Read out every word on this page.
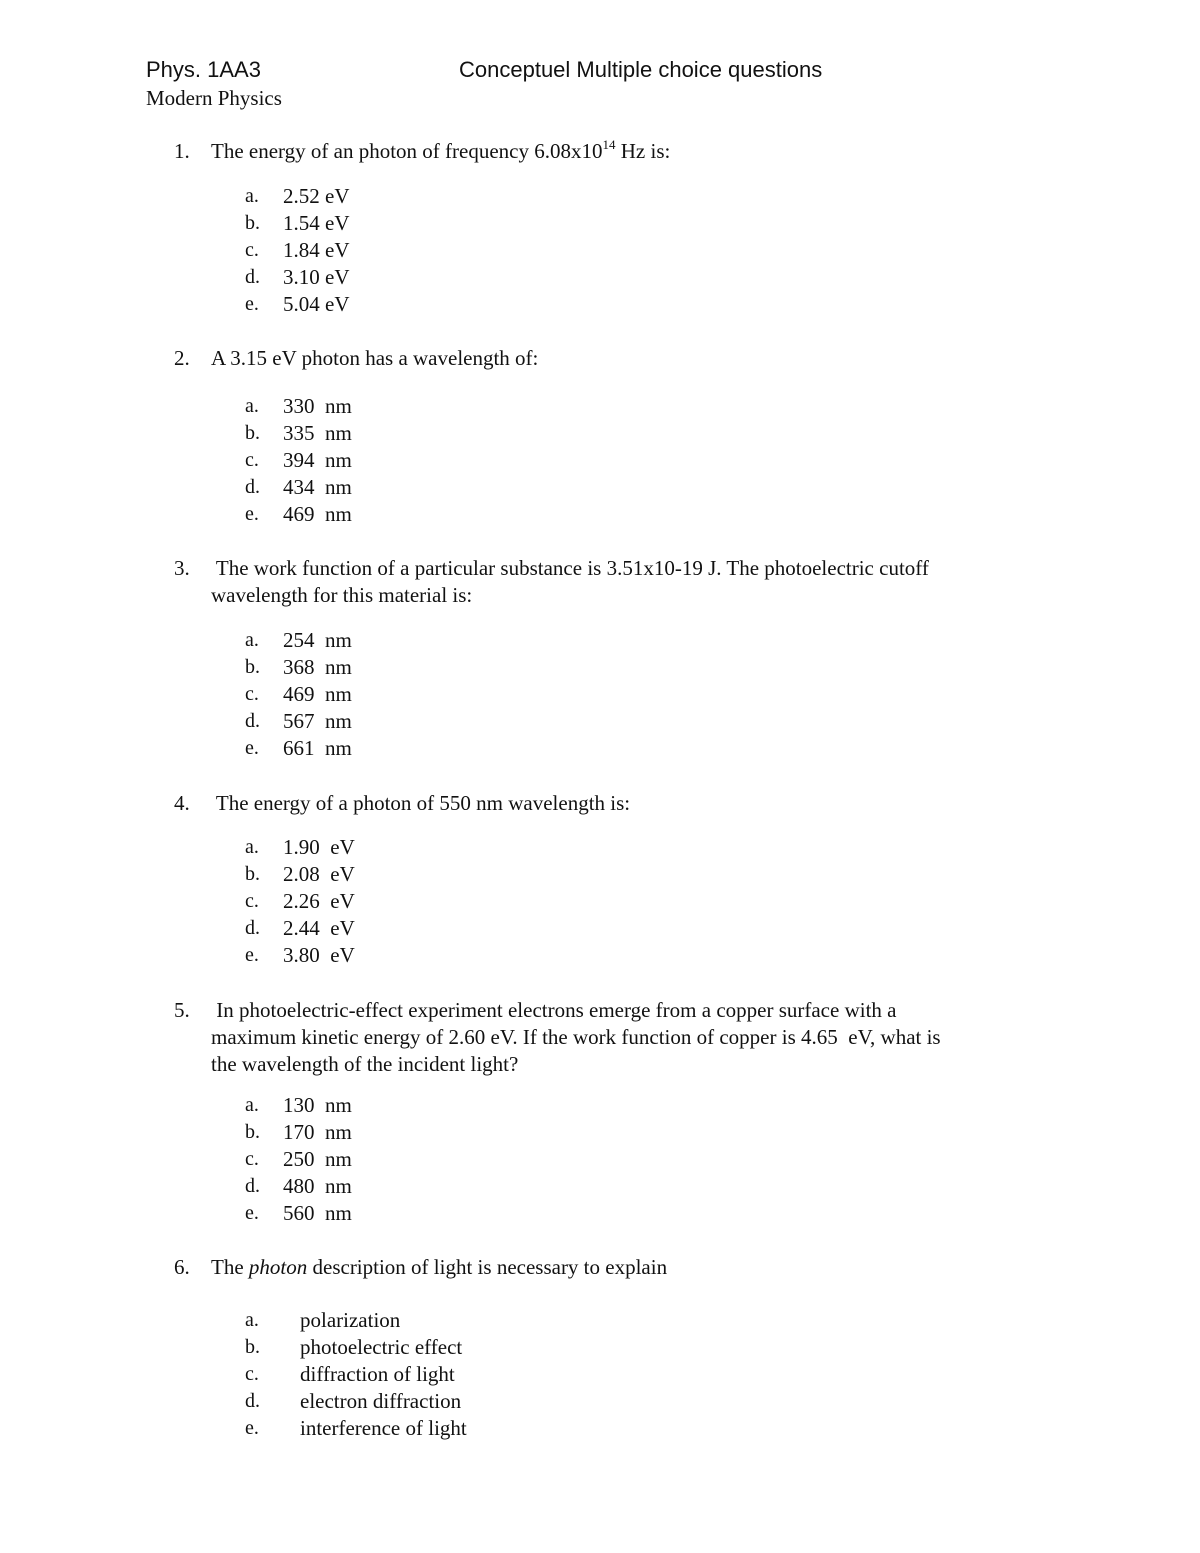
Phys. 1AA3	Conceptuel Multiple choice questions
Modern Physics
1. The energy of an photon of frequency $6.08x10^{14}$ Hz is:
a. 2.52 eV
b. 1.54 eV
c. 1.84 eV
d. 3.10 eV
e. 5.04 eV
2. A 3.15 eV photon has a wavelength of:
a. 330  nm
b. 335  nm
c. 394  nm
d. 434  nm
e. 469  nm
3. The work function of a particular substance is 3.51x10-19 J. The photoelectric cutoff
wavelength for this material is:
a. 254  nm
b. 368  nm
c. 469  nm
d. 567  nm
e. 661  nm
4. The energy of a photon of 550 nm wavelength is:
a. 1.90  eV
b. 2.08  eV
c. 2.26  eV
d. 2.44  eV
e. 3.80  eV
5. In photoelectric-effect experiment electrons emerge from a copper surface with a
maximum kinetic energy of 2.60 eV. If the work function of copper is 4.65  eV, what is
the wavelength of the incident light?
a. 130  nm
b. 170  nm
c. 250  nm
d. 480  nm
e. 560  nm
6. The photon description of light is necessary to explain
a. polarization
b. photoelectric effect
c. diffraction of light
d. electron diffraction
e. interference of light
